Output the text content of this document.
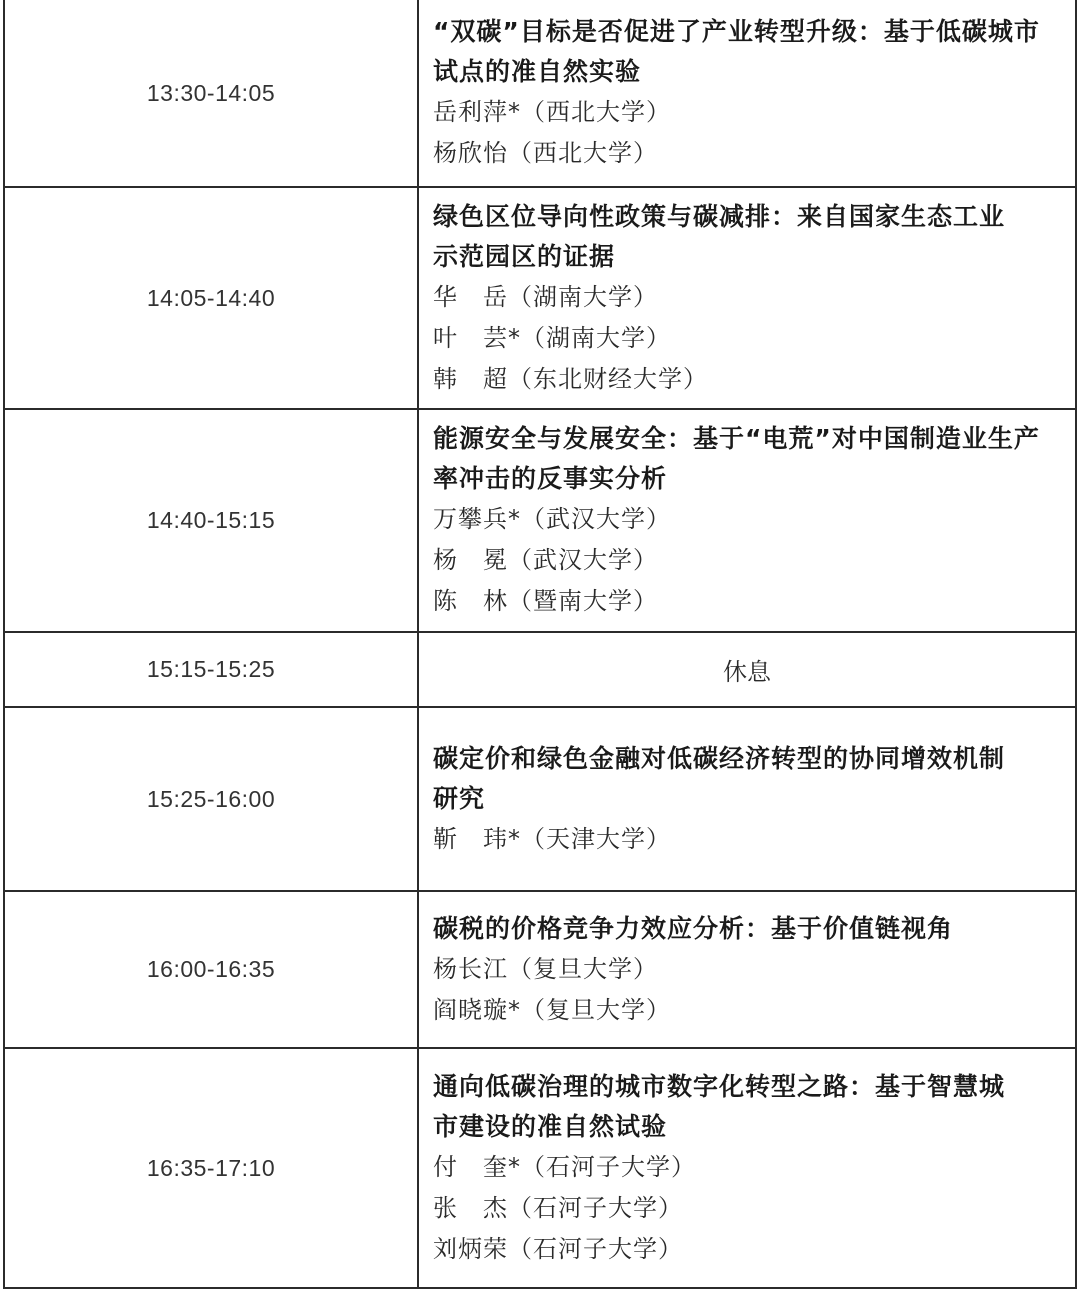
13:30-14:05	“双碳”目标是否促进了产业转型升级：基于低碳城市
试点的准自然实验
岳利萍*（西北大学）
杨欣怡（西北大学）

14:05-14:40	绿色区位导向性政策与碳减排：来自国家生态工业
示范园区的证据
华　岳（湖南大学）
叶　芸*（湖南大学）
韩　超（东北财经大学）

14:40-15:15	能源安全与发展安全：基于“电荒”对中国制造业生产
率冲击的反事实分析
万攀兵*（武汉大学）
杨　冕（武汉大学）
陈　林（暨南大学）

15:15-15:25	休息
15:25-16:00	碳定价和绿色金融对低碳经济转型的协同增效机制
研究
靳　玮*（天津大学）

16:00-16:35	碳税的价格竞争力效应分析：基于价值链视角
杨长江（复旦大学）
阎晓璇*（复旦大学）

16:35-17:10	通向低碳治理的城市数字化转型之路：基于智慧城
市建设的准自然试验
付　奎*（石河子大学）
张　杰（石河子大学）
刘炳荣（石河子大学）
